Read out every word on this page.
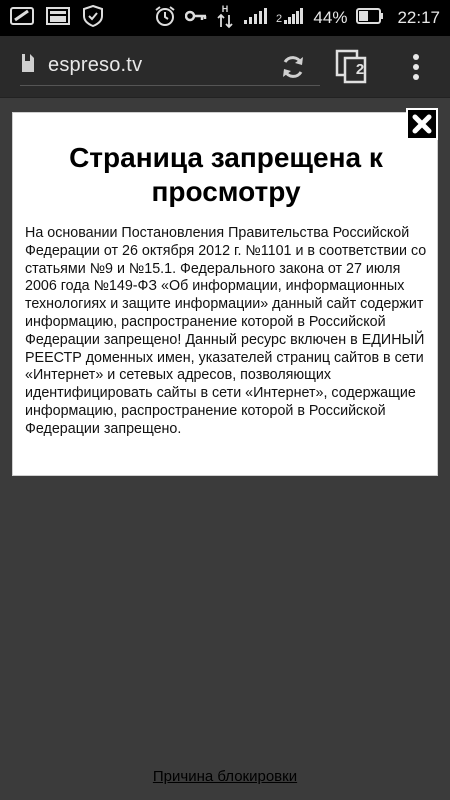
H
2 44%	22:17
espreso.tv	2
Страница запрещена к просмотру
На основании Постановления Правительства Российской Федерации от 26 октября 2012 г. №1101 и в соответствии со статьями №9 и №15.1. Федерального закона от 27 июля 2006 года №149-ФЗ «Об информации, информационных технологиях и защите информации» данный сайт содержит информацию, распространение которой в Российской Федерации запрещено! Данный ресурс включен в ЕДИНЫЙ РЕЕСТР доменных имен, указателей страниц сайтов в сети «Интернет» и сетевых адресов, позволяющих идентифицировать сайты в сети «Интернет», содержащие информацию, распространение которой в Российской Федерации запрещено.
Причина блокировки
